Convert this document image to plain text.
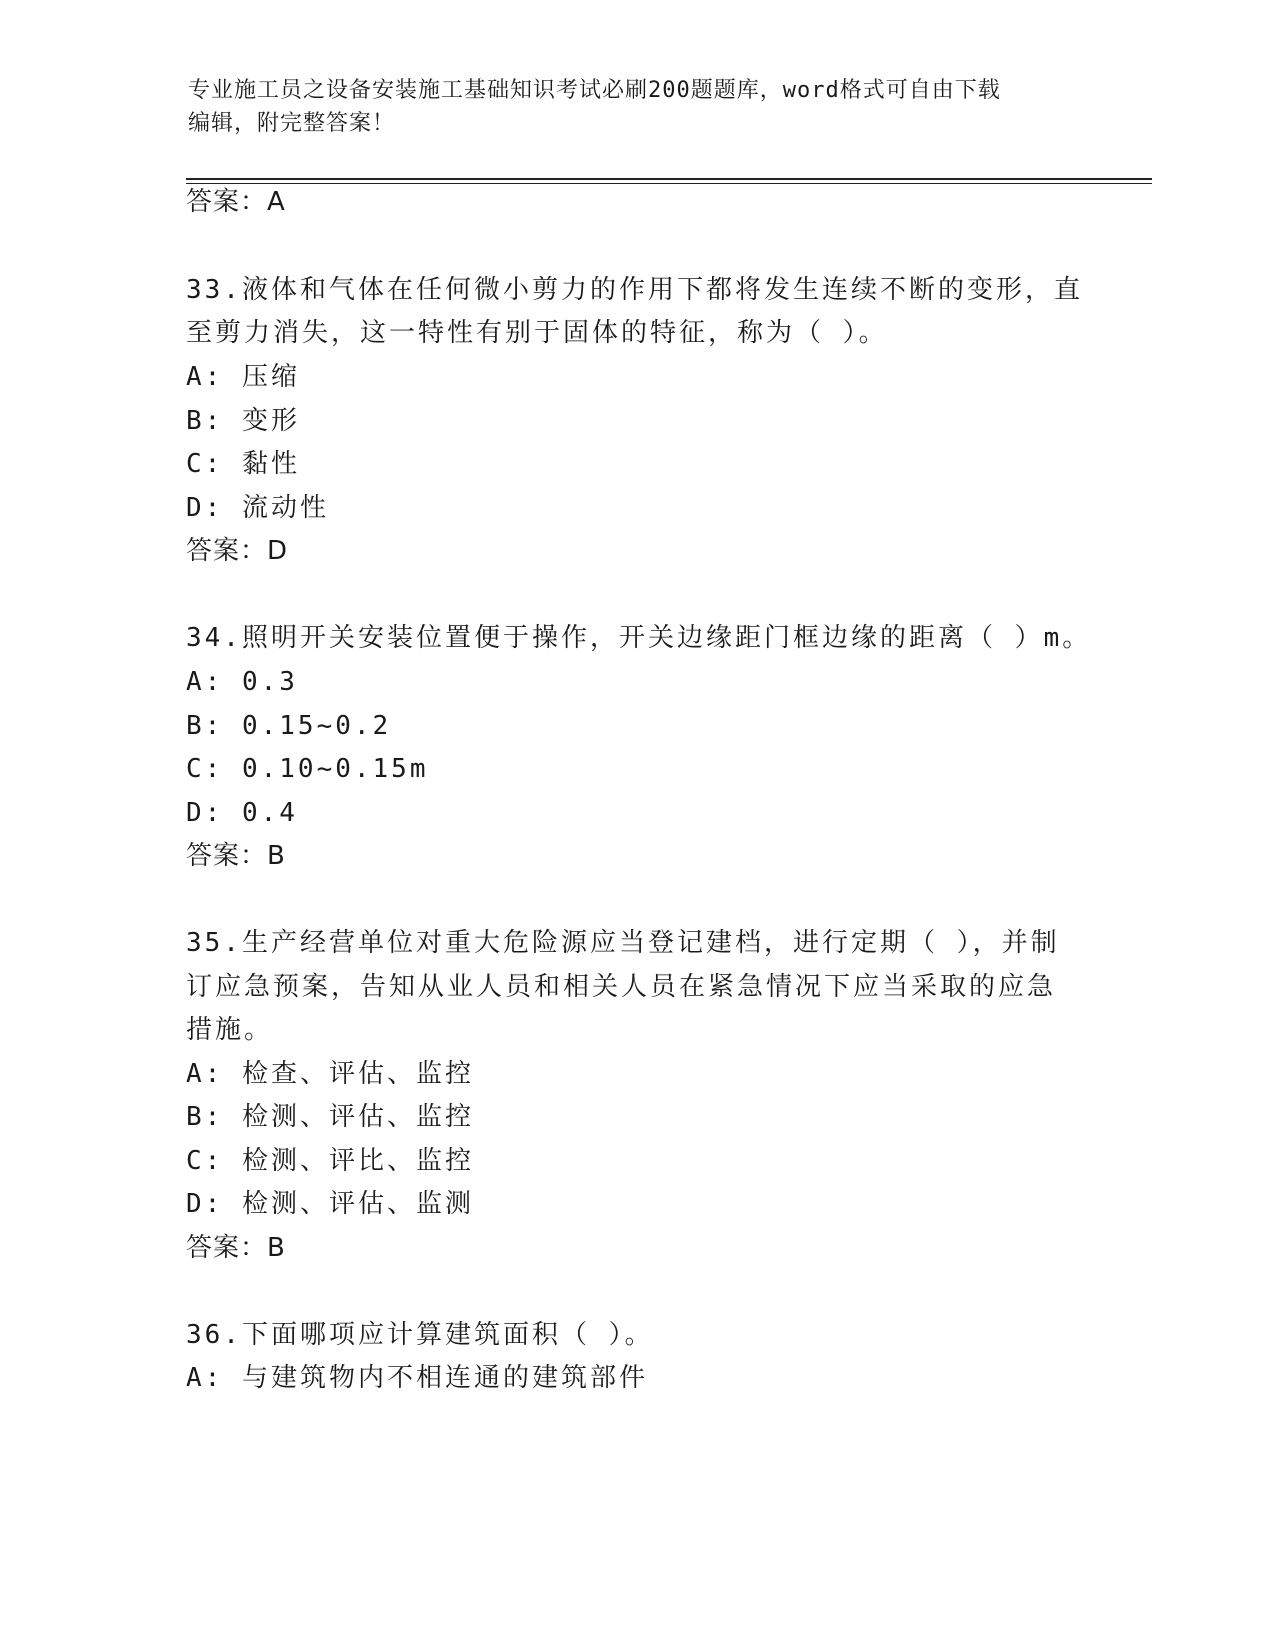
专业施工员之设备安装施工基础知识考试必刷200题题库，word格式可自由下载
编辑，附完整答案！
答案：A
33.液体和气体在任何微小剪力的作用下都将发生连续不断的变形，直
至剪力消失，这一特性有别于固体的特征，称为（ ）。
A: 压缩
B: 变形
C: 黏性
D: 流动性
答案：D
34.照明开关安装位置便于操作，开关边缘距门框边缘的距离（ ）m。
A: 0.3
B: 0.15~0.2
C: 0.10~0.15m
D: 0.4
答案：B
35.生产经营单位对重大危险源应当登记建档，进行定期（ ），并制
订应急预案，告知从业人员和相关人员在紧急情况下应当采取的应急
措施。
A: 检查、评估、监控
B: 检测、评估、监控
C: 检测、评比、监控
D: 检测、评估、监测
答案：B
36.下面哪项应计算建筑面积（ ）。
A: 与建筑物内不相连通的建筑部件
